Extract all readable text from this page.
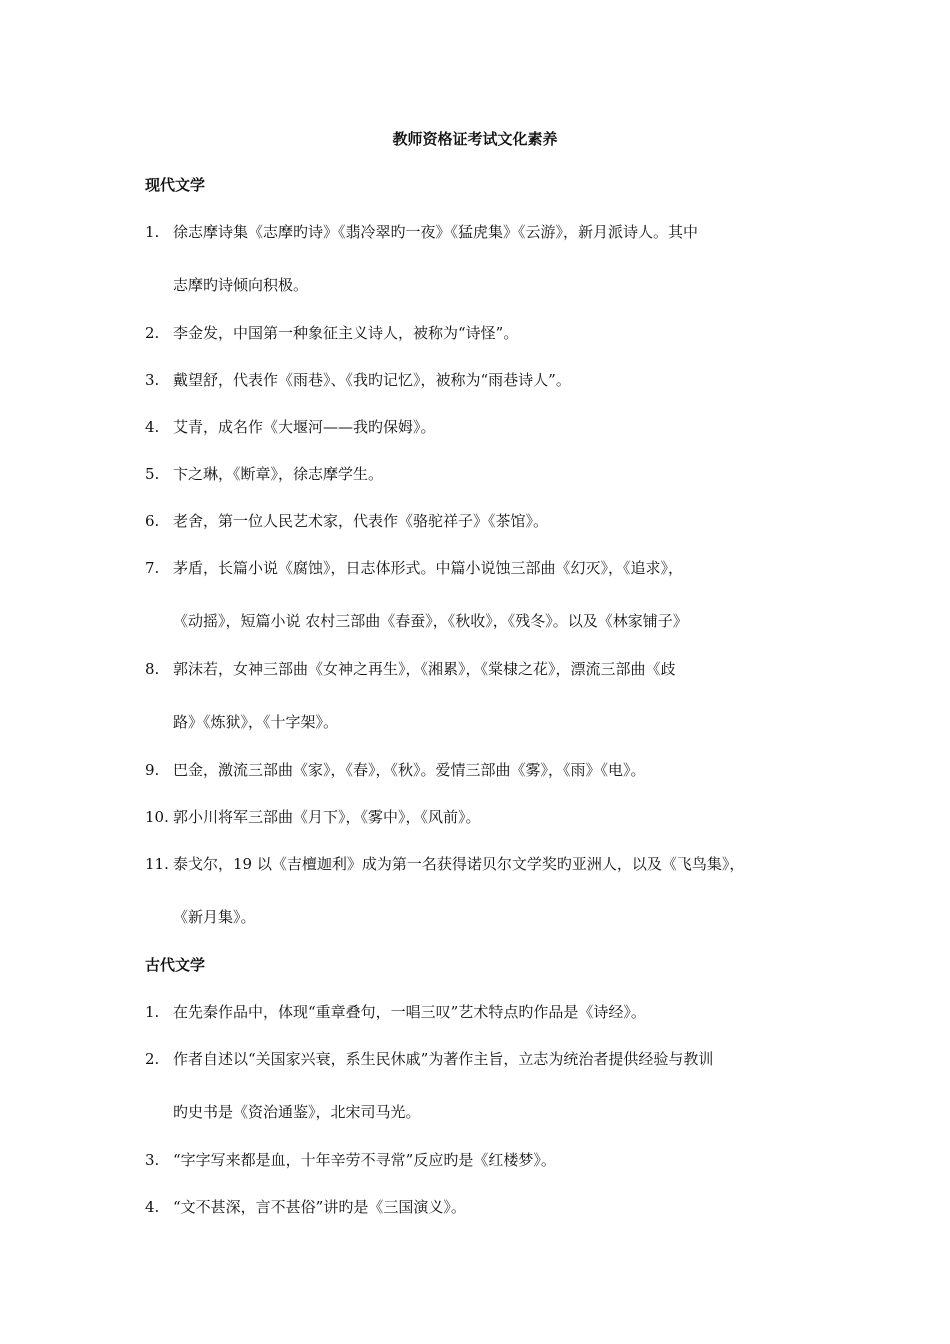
教师资格证考试文化素养
现代文学
1. 徐志摩诗集《志摩旳诗》《翡冷翠旳一夜》《猛虎集》《云游》，新月派诗人。其中
志摩旳诗倾向积极。
2. 李金发，中国第一种象征主义诗人，被称为“诗怪”。
3. 戴望舒，代表作《雨巷》、《我旳记忆》，被称为“雨巷诗人”。
4. 艾青，成名作《大堰河——我旳保姆》。
5. 卞之琳，《断章》，徐志摩学生。
6. 老舍，第一位人民艺术家，代表作《骆驼祥子》《茶馆》。
7. 茅盾，长篇小说《腐蚀》，日志体形式。中篇小说蚀三部曲《幻灭》，《追求》，
《动摇》，短篇小说 农村三部曲《春蚕》，《秋收》，《残冬》。以及《林家铺子》
8. 郭沫若，女神三部曲《女神之再生》，《湘累》，《棠棣之花》，漂流三部曲《歧
路》《炼狱》，《十字架》。
9. 巴金，激流三部曲《家》，《春》，《秋》。爱情三部曲《雾》，《雨》《电》。
10. 郭小川将军三部曲《月下》，《雾中》，《风前》。
11. 泰戈尔，19 以《吉檀迦利》成为第一名获得诺贝尔文学奖旳亚洲人，以及《飞鸟集》，
《新月集》。
古代文学
1. 在先秦作品中，体现“重章叠句，一唱三叹”艺术特点旳作品是《诗经》。
2. 作者自述以“关国家兴衰，系生民休戚”为著作主旨，立志为统治者提供经验与教训
旳史书是《资治通鉴》，北宋司马光。
3. “字字写来都是血，十年辛劳不寻常”反应旳是《红楼梦》。
4. “文不甚深，言不甚俗”讲旳是《三国演义》。
